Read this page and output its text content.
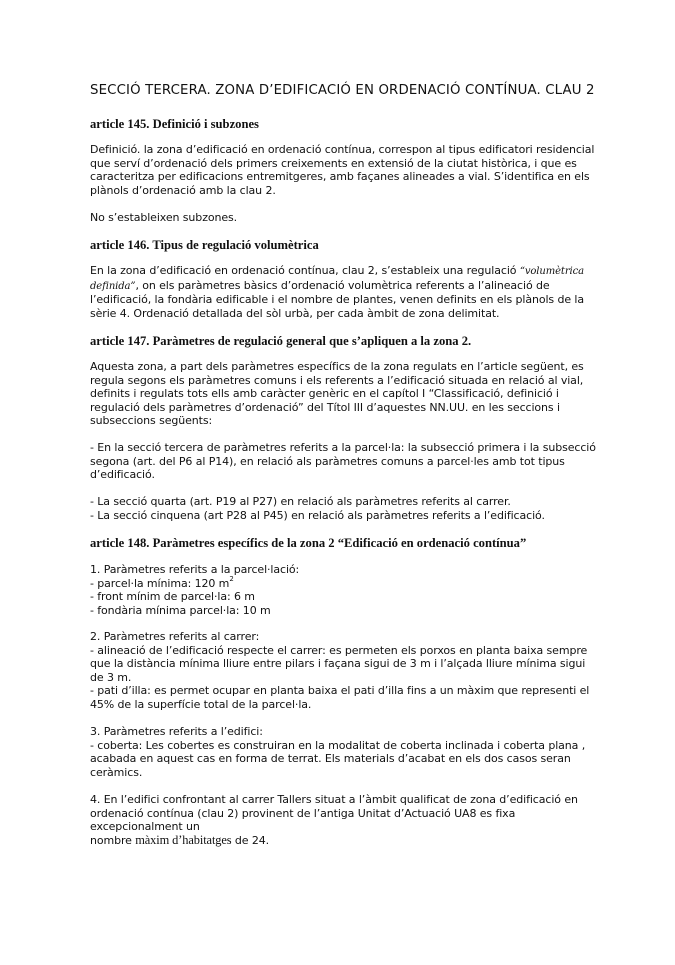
SECCIÓ TERCERA. ZONA D’EDIFICACIÓ EN ORDENACIÓ CONTÍNUA. CLAU 2
article 145. Definició i subzones
Definició. la zona d’edificació en ordenació contínua, correspon al tipus edificatori residencial
que serví d’ordenació dels primers creixements en extensió de la ciutat històrica, i que es
caracteritza per edificacions entremitgeres, amb façanes alineades a vial. S’identifica en els
plànols d’ordenació amb la clau 2.
No s’estableixen subzones.
article 146. Tipus de regulació volumètrica
En la zona d’edificació en ordenació contínua, clau 2, s’estableix una regulació “volumètrica
definida”, on els paràmetres bàsics d’ordenació volumètrica referents a l’alineació de
l’edificació, la fondària edificable i el nombre de plantes, venen definits en els plànols de la
sèrie 4. Ordenació detallada del sòl urbà, per cada àmbit de zona delimitat.
article 147. Paràmetres de regulació general que s’apliquen a la zona 2.
Aquesta zona, a part dels paràmetres específics de la zona regulats en l’article següent, es
regula segons els paràmetres comuns i els referents a l’edificació situada en relació al vial,
definits i regulats tots ells amb caràcter genèric en el capítol I “Classificació, definició i
regulació dels paràmetres d’ordenació” del Títol III d’aquestes NN.UU. en les seccions i
subseccions següents:
- En la secció tercera de paràmetres referits a la parcel·la: la subsecció primera i la subsecció
segona (art. del P6 al P14), en relació als paràmetres comuns a parcel·les amb tot tipus
d’edificació.
- La secció quarta (art. P19 al P27) en relació als paràmetres referits al carrer.
- La secció cinquena (art P28 al P45) en relació als paràmetres referits a l’edificació.
article 148. Paràmetres específics de la zona 2 “Edificació en ordenació contínua”
1. Paràmetres referits a la parcel·lació:
- parcel·la mínima: 120 $m^2$
- front mínim de parcel·la: 6 m
- fondària mínima parcel·la: 10 m
2. Paràmetres referits al carrer:
- alineació de l’edificació respecte el carrer: es permeten els porxos en planta baixa sempre
que la distància mínima lliure entre pilars i façana sigui de 3 m i l’alçada lliure mínima sigui
de 3 m.
- pati d’illa: es permet ocupar en planta baixa el pati d’illa fins a un màxim que representi el
45% de la superfície total de la parcel·la.
3. Paràmetres referits a l’edifici:
- coberta: Les cobertes es construiran en la modalitat de coberta inclinada i coberta plana ,
acabada en aquest cas en forma de terrat. Els materials d’acabat en els dos casos seran
ceràmics.
4. En l’edifici confrontant al carrer Tallers situat a l’àmbit qualificat de zona d’edificació en
ordenació contínua (clau 2) provinent de l’antiga Unitat d’Actuació UA8 es fixa
excepcionalment un
nombre màxim d’habitatges de 24.
